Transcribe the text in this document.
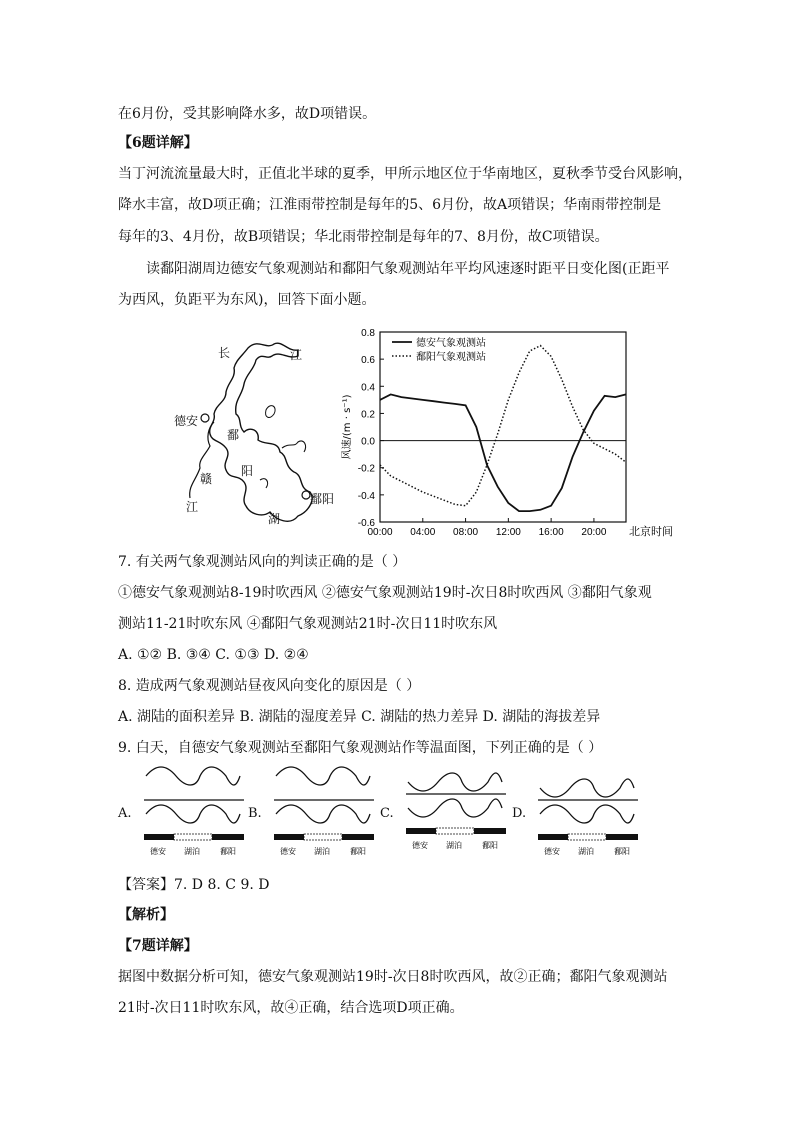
在6月份，受其影响降水多，故D项错误。
【6题详解】
当丁河流流量最大时，正值北半球的夏季，甲所示地区位于华南地区，夏秋季节受台风影响，
降水丰富，故D项正确；江淮雨带控制是每年的5、6月份，故A项错误；华南雨带控制是
每年的3、4月份，故B项错误；华北雨带控制是每年的7、8月份，故C项错误。
读鄱阳湖周边德安气象观测站和鄱阳气象观测站年平均风速逐时距平日变化图(正距平
为西风，负距平为东风)，回答下面小题。
长	江
德安
鄱
阳
赣
江
湖
鄱阳
0.8
0.6
0.4
0.2
0.0
-0.2
-0.4
-0.6
00:00 04:00 08:00 12:00 16:00 20:00 北京时间
风速/(m · s⁻¹)
德安气象观测站
鄱阳气象观测站
7. 有关两气象观测站风向的判读正确的是（ ）
①德安气象观测站8-19时吹西风 ②德安气象观测站19时-次日8时吹西风 ③鄱阳气象观
测站11-21时吹东风 ④鄱阳气象观测站21时-次日11时吹东风
A. ①② B. ③④ C. ①③ D. ②④
8. 造成两气象观测站昼夜风向变化的原因是（ ）
A. 湖陆的面积差异 B. 湖陆的湿度差异 C. 湖陆的热力差异 D. 湖陆的海拔差异
9. 白天，自德安气象观测站至鄱阳气象观测站作等温面图，下列正确的是（ ）
A.
德安 湖泊	鄱阳
B.
德安 湖泊	鄱阳
C.
德安 湖泊	鄱阳
D.
德安 湖泊	鄱阳
【答案】7. D 8. C 9. D
【解析】
【7题详解】
据图中数据分析可知，德安气象观测站19时-次日8时吹西风，故②正确；鄱阳气象观测站
21时-次日11时吹东风，故④正确，结合选项D项正确。
